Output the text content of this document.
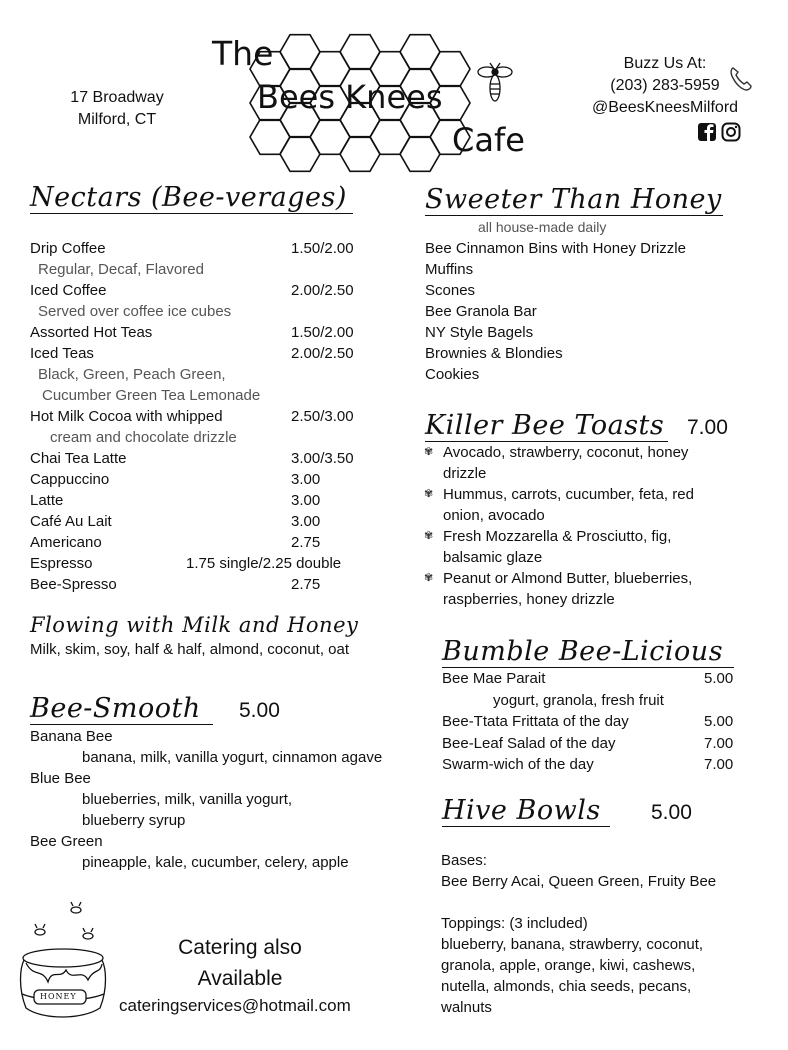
17 Broadway
Milford, CT
The
Bees Knees
Cafe
Buzz Us At:
(203) 283-5959
@BeesKneesMilford
Nectars (Bee-verages)
Drip Coffee	1.50/2.00
Regular, Decaf, Flavored
Iced Coffee	2.00/2.50
Served over coffee ice cubes
Assorted Hot Teas	1.50/2.00
Iced Teas	2.00/2.50
Black, Green, Peach Green,
Cucumber Green Tea Lemonade
Hot Milk Cocoa with whipped	2.50/3.00
cream and chocolate drizzle
Chai Tea Latte	3.00/3.50
Cappuccino	3.00
Latte	3.00
Café Au Lait	3.00
Americano	2.75
Espresso	1.75 single/2.25 double
Bee-Spresso	2.75
Flowing with Milk and Honey
Milk, skim, soy, half & half, almond, coconut, oat
Bee-Smooth	5.00
Banana Bee
banana, milk, vanilla yogurt, cinnamon agave
Blue Bee
blueberries, milk, vanilla yogurt,
blueberry syrup
Bee Green
pineapple, kale, cucumber, celery, apple
HONEY
Catering also
Available
cateringservices@hotmail.com
Sweeter Than Honey
all house-made daily
Bee Cinnamon Bins with Honey Drizzle
Muffins
Scones
Bee Granola Bar
NY Style Bagels
Brownies & Blondies
Cookies
Killer Bee Toasts 7.00
✾ Avocado, strawberry, coconut, honey
drizzle
✾ Hummus, carrots, cucumber, feta, red
onion, avocado
✾ Fresh Mozzarella & Prosciutto, fig,
balsamic glaze
✾ Peanut or Almond Butter, blueberries,
raspberries, honey drizzle
Bumble Bee-Licious
Bee Mae Parait	5.00
yogurt, granola, fresh fruit
Bee-Ttata Frittata of the day	5.00
Bee-Leaf Salad of the day	7.00
Swarm-wich of the day	7.00
Hive Bowls	5.00
Bases:
Bee Berry Acai, Queen Green, Fruity Bee
Toppings: (3 included)
blueberry, banana, strawberry, coconut,
granola, apple, orange, kiwi, cashews,
nutella, almonds, chia seeds, pecans,
walnuts
